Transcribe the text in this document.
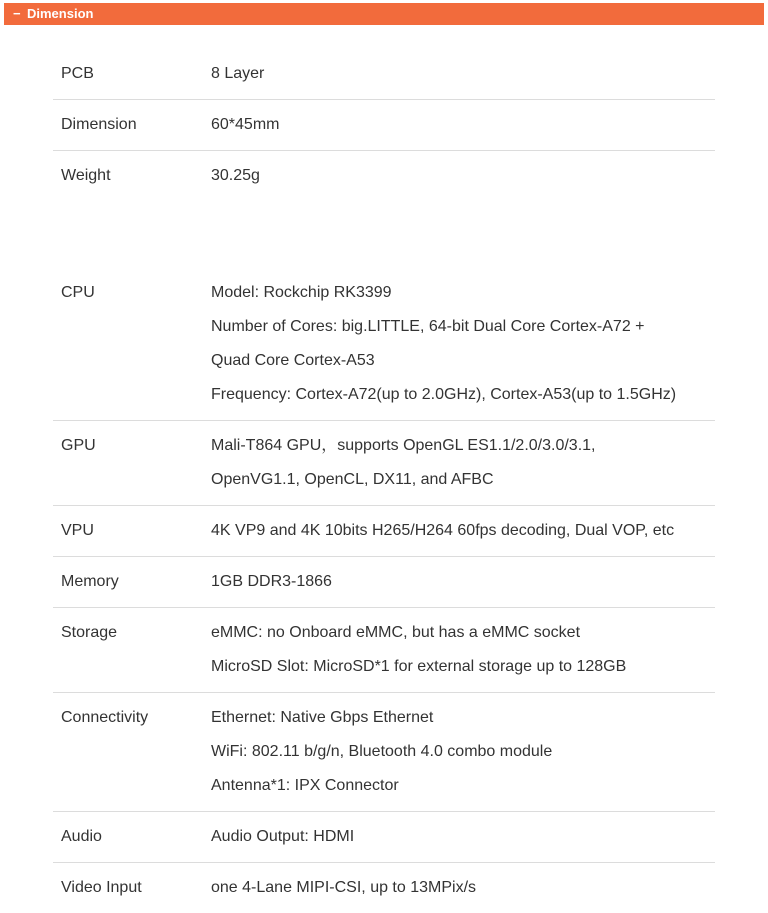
− Dimension
PCB	8 Layer
Dimension	60*45mm
Weight	30.25g
CPU	Model: Rockchip RK3399
Number of Cores: big.LITTLE, 64-bit Dual Core Cortex-A72 +
Quad Core Cortex-A53
Frequency: Cortex-A72(up to 2.0GHz), Cortex-A53(up to 1.5GHz)
GPU	Mali-T864 GPU，supports OpenGL ES1.1/2.0/3.0/3.1,
OpenVG1.1, OpenCL, DX11, and AFBC
VPU	4K VP9 and 4K 10bits H265/H264 60fps decoding, Dual VOP, etc
Memory	1GB DDR3-1866
Storage	eMMC: no Onboard eMMC, but has a eMMC socket
MicroSD Slot: MicroSD*1 for external storage up to 128GB
Connectivity	Ethernet: Native Gbps Ethernet
WiFi: 802.11 b/g/n, Bluetooth 4.0 combo module
Antenna*1: IPX Connector
Audio	Audio Output: HDMI
Video Input	one 4-Lane MIPI-CSI, up to 13MPix/s
